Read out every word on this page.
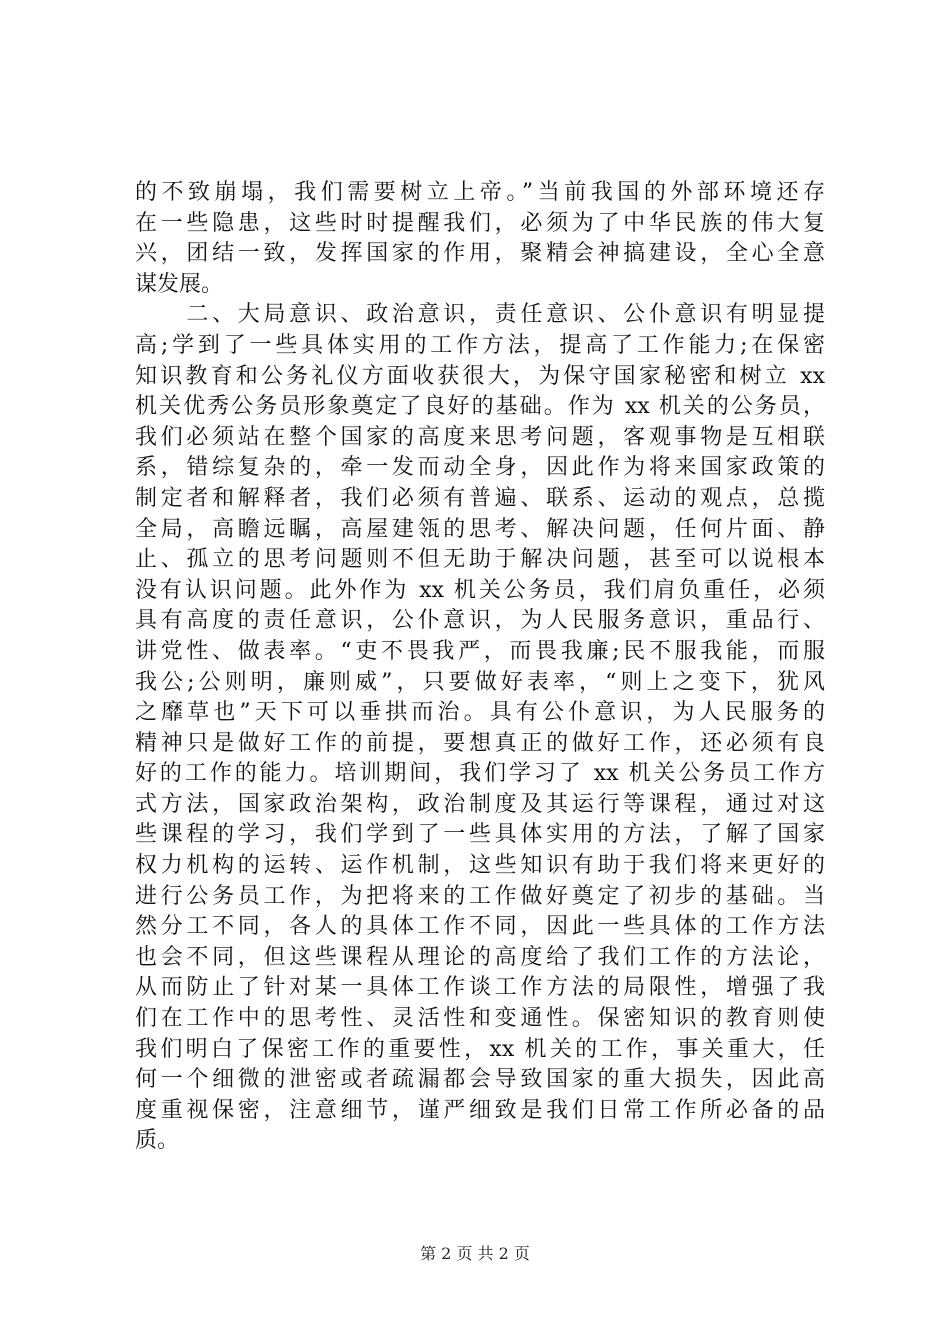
的不致崩塌，我们需要树立上帝。”当前我国的外部环境还存
在一些隐患，这些时时提醒我们，必须为了中华民族的伟大复
兴，团结一致，发挥国家的作用，聚精会神搞建设，全心全意
谋发展。
　　二、大局意识、政治意识，责任意识、公仆意识有明显提
高;学到了一些具体实用的工作方法，提高了工作能力;在保密
知识教育和公务礼仪方面收获很大，为保守国家秘密和树立 xx
机关优秀公务员形象奠定了良好的基础。作为 xx 机关的公务员，
我们必须站在整个国家的高度来思考问题，客观事物是互相联
系，错综复杂的，牵一发而动全身，因此作为将来国家政策的
制定者和解释者，我们必须有普遍、联系、运动的观点，总揽
全局，高瞻远瞩，高屋建瓴的思考、解决问题，任何片面、静
止、孤立的思考问题则不但无助于解决问题，甚至可以说根本
没有认识问题。此外作为 xx 机关公务员，我们肩负重任，必须
具有高度的责任意识，公仆意识，为人民服务意识，重品行、
讲党性、做表率。“吏不畏我严，而畏我廉;民不服我能，而服
我公;公则明，廉则威”，只要做好表率，“则上之变下，犹风
之靡草也”天下可以垂拱而治。具有公仆意识，为人民服务的
精神只是做好工作的前提，要想真正的做好工作，还必须有良
好的工作的能力。培训期间，我们学习了 xx 机关公务员工作方
式方法，国家政治架构，政治制度及其运行等课程，通过对这
些课程的学习，我们学到了一些具体实用的方法，了解了国家
权力机构的运转、运作机制，这些知识有助于我们将来更好的
进行公务员工作，为把将来的工作做好奠定了初步的基础。当
然分工不同，各人的具体工作不同，因此一些具体的工作方法
也会不同，但这些课程从理论的高度给了我们工作的方法论，
从而防止了针对某一具体工作谈工作方法的局限性，增强了我
们在工作中的思考性、灵活性和变通性。保密知识的教育则使
我们明白了保密工作的重要性，xx 机关的工作，事关重大，任
何一个细微的泄密或者疏漏都会导致国家的重大损失，因此高
度重视保密，注意细节，谨严细致是我们日常工作所必备的品
质。
第 2 页 共 2 页
